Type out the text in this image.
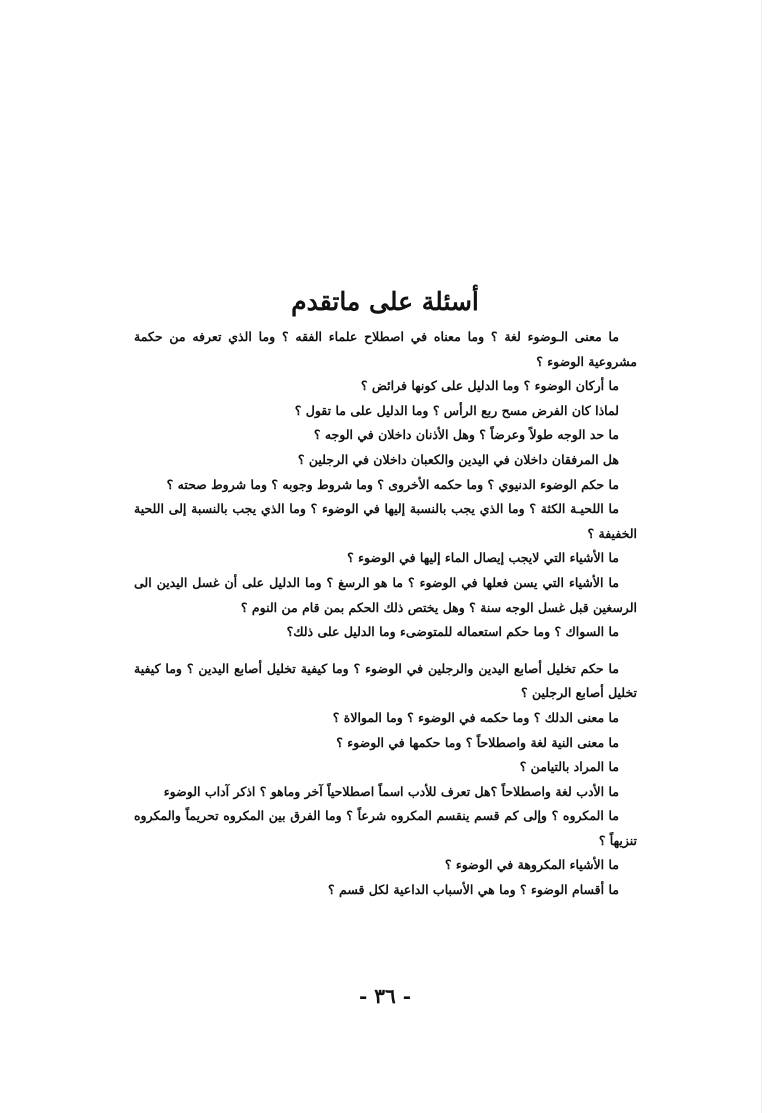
أسئلة على ماتقدم

ما معنى الـوضوء لغة ؟ وما معناه في اصطلاح علماء الفقه ؟ وما الذي تعرفه من حكمة مشروعية الوضوء ؟

ما أركان الوضوء ؟ وما الدليل على كونها فرائض ؟

لماذا كان الفرض مسح ربع الرأس ؟ وما الدليل على ما تقول ؟

ما حد الوجه طولاً وعرضاً ؟ وهل الأذنان داخلان في الوجه ؟

هل المرفقان داخلان في اليدين والكعبان داخلان في الرجلين ؟

ما حكم الوضوء الدنيوي ؟ وما حكمه الأخروى ؟ وما شروط وجوبه ؟ وما شروط صحته ؟

ما اللحيـة الكثة ؟ وما الذي يجب بالنسبة إليها في الوضوء ؟ وما الذي يجب بالنسبة إلى اللحية الخفيفة ؟

ما الأشياء التي لايجب إيصال الماء إليها في الوضوء ؟

ما الأشياء التي يسن فعلها في الوضوء ؟ ما هو الرسغ ؟ وما الدليل على أن غسل اليدين الى الرسغين قبل غسل الوجه سنة ؟ وهل يختص ذلك الحكم بمن قام من النوم ؟

ما السواك ؟ وما حكم استعماله للمتوضىء وما الدليل على ذلك؟

ما حكم تخليل أصابع اليدين والرجلين في الوضوء ؟ وما كيفية تخليل أصابع اليدين ؟ وما كيفية تخليل أصابع الرجلين ؟

ما معنى الدلك ؟ وما حكمه في الوضوء ؟ وما الموالاة ؟

ما معنى النية لغة واصطلاحاً ؟ وما حكمها في الوضوء ؟

ما المراد بالتيامن ؟

ما الأدب لغة واصطلاحاً ؟هل تعرف للأدب اسماً اصطلاحياً آخر وماهو ؟ اذكر آداب الوضوء

ما المكروه ؟ وإلى كم قسم ينقسم المكروه شرعاً ؟ وما الفرق بين المكروه تحريماً والمكروه تنزيهاً ؟

ما الأشياء المكروهة في الوضوء ؟

ما أقسام الوضوء ؟ وما هي الأسباب الداعية لكل قسم ؟

- ٣٦ -
